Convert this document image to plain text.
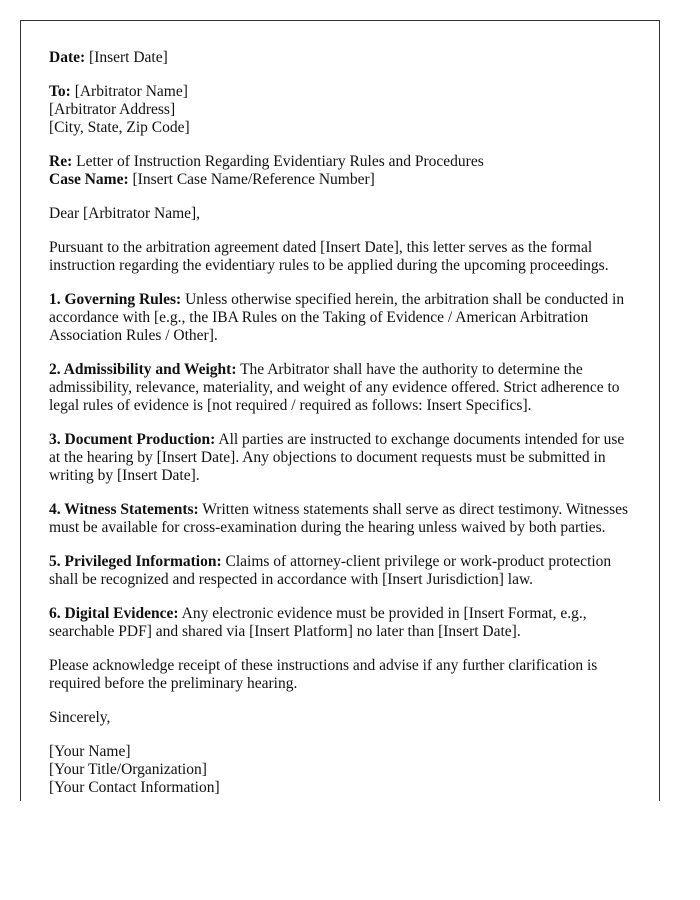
Date: [Insert Date]

To: [Arbitrator Name]
[Arbitrator Address]
[City, State, Zip Code]

Re: Letter of Instruction Regarding Evidentiary Rules and Procedures
Case Name: [Insert Case Name/Reference Number]

Dear [Arbitrator Name],

Pursuant to the arbitration agreement dated [Insert Date], this letter serves as the formal instruction regarding the evidentiary rules to be applied during the upcoming proceedings.

1. Governing Rules: Unless otherwise specified herein, the arbitration shall be conducted in accordance with [e.g., the IBA Rules on the Taking of Evidence / American Arbitration Association Rules / Other].

2. Admissibility and Weight: The Arbitrator shall have the authority to determine the admissibility, relevance, materiality, and weight of any evidence offered. Strict adherence to legal rules of evidence is [not required / required as follows: Insert Specifics].

3. Document Production: All parties are instructed to exchange documents intended for use at the hearing by [Insert Date]. Any objections to document requests must be submitted in writing by [Insert Date].

4. Witness Statements: Written witness statements shall serve as direct testimony. Witnesses must be available for cross-examination during the hearing unless waived by both parties.

5. Privileged Information: Claims of attorney-client privilege or work-product protection shall be recognized and respected in accordance with [Insert Jurisdiction] law.

6. Digital Evidence: Any electronic evidence must be provided in [Insert Format, e.g., searchable PDF] and shared via [Insert Platform] no later than [Insert Date].

Please acknowledge receipt of these instructions and advise if any further clarification is required before the preliminary hearing.

Sincerely,

[Your Name]
[Your Title/Organization]
[Your Contact Information]
